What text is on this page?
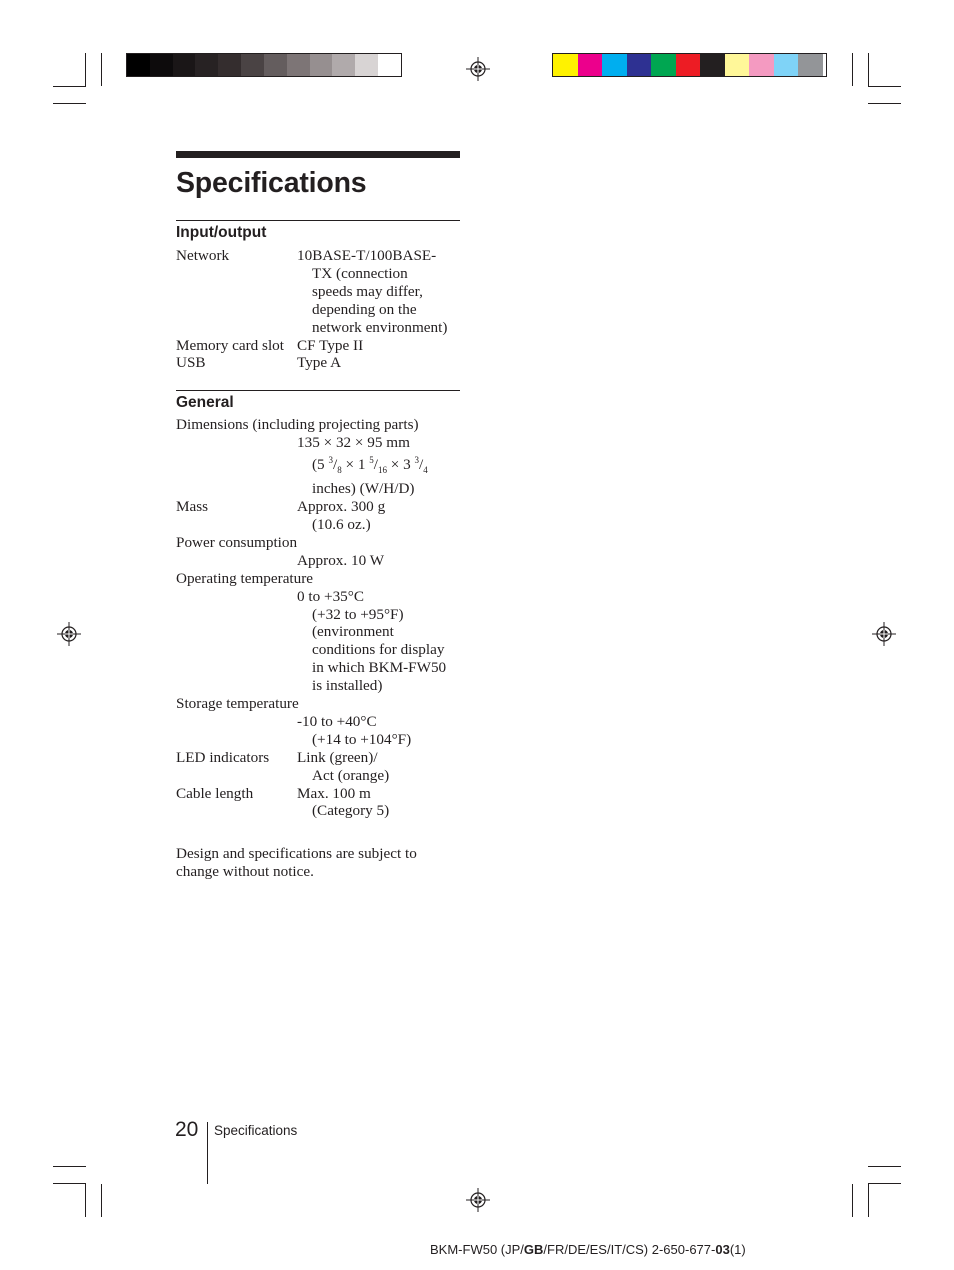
Specifications
Input/output
Network	10BASE-T/100BASE-
TX (connection
speeds may differ,
depending on the
network environment)
Memory card slot CF Type II
USB	Type A
General
Dimensions (including projecting parts)
135 × 32 × 95 mm
(5 $^3/_8 \times 1$ $^5/_{16} \times 3$ $^3/_4$
inches) (W/H/D)
Mass	Approx. 300 g
(10.6 oz.)
Power consumption
Approx. 10 W
Operating temperature
0 to +35°C
(+32 to +95°F)
(environment
conditions for display
in which BKM-FW50
is installed)
Storage temperature
-10 to +40°C
(+14 to +104°F)
LED indicators	Link (green)/
Act (orange)
Cable length	Max. 100 m
(Category 5)
Design and specifications are subject to
change without notice.
20 Specifications
BKM-FW50 (JP/GB/FR/DE/ES/IT/CS) 2-650-677-03(1)
